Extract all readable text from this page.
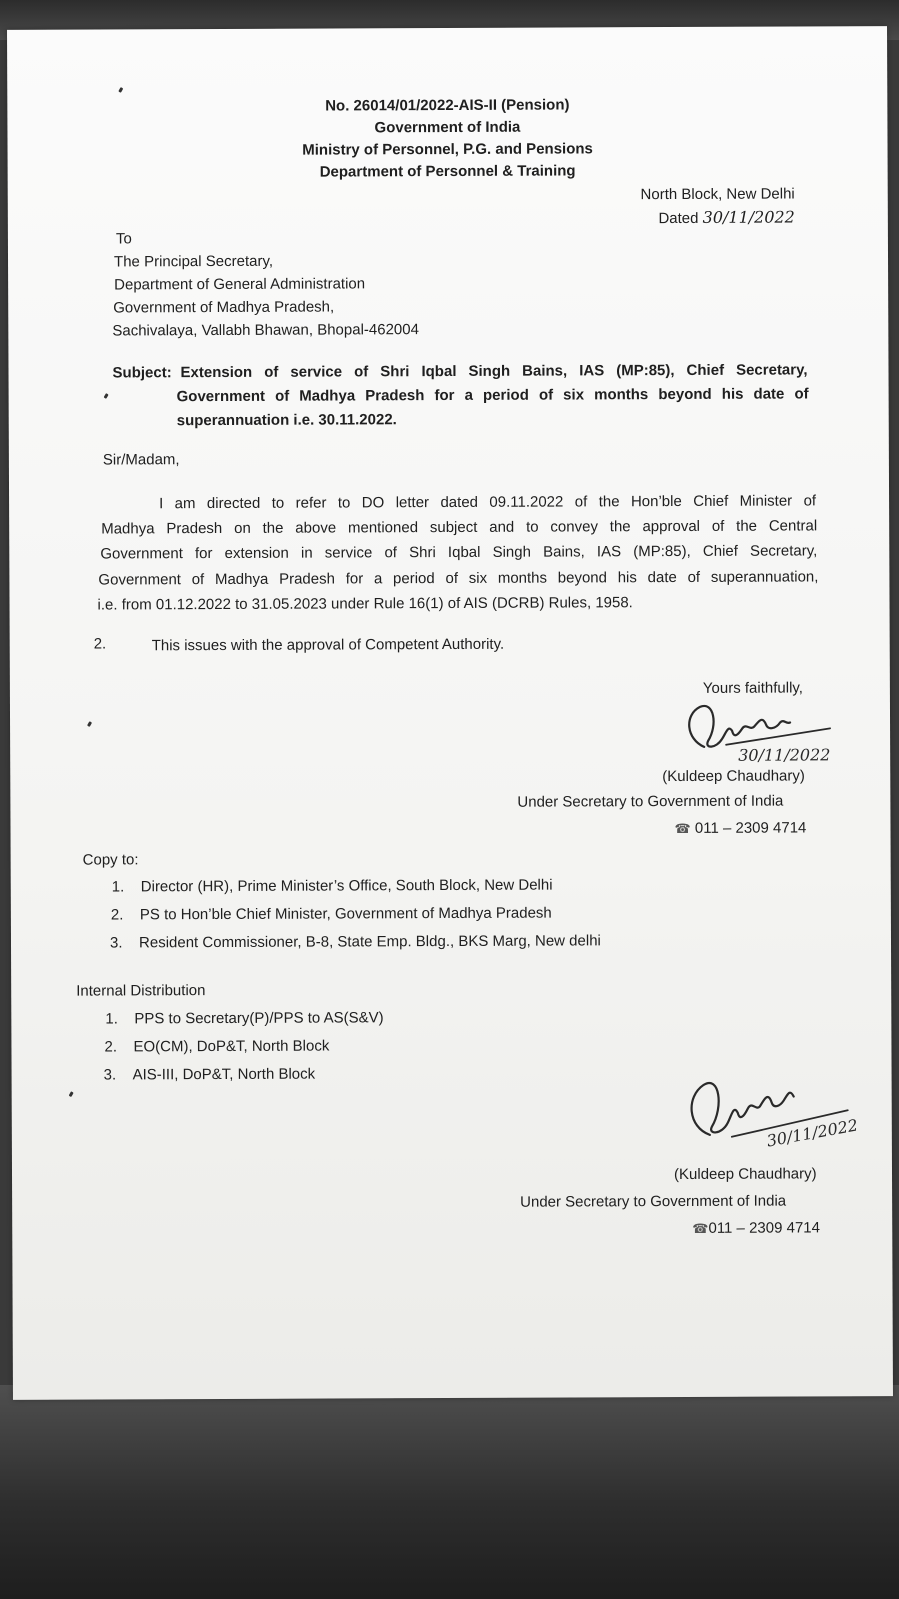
No. 26014/01/2022-AIS-II (Pension)
Government of India
Ministry of Personnel, P.G. and Pensions
Department of Personnel & Training
North Block, New Delhi
Dated 30/11/2022
To
The Principal Secretary,
Department of General Administration
Government of Madhya Pradesh,
Sachivalaya, Vallabh Bhawan, Bhopal-462004
Subject: Extension of service of Shri Iqbal Singh Bains, IAS (MP:85), Chief Secretary,
Government of Madhya Pradesh for a period of six months beyond his date of
superannuation i.e. 30.11.2022.
Sir/Madam,
I am directed to refer to DO letter dated 09.11.2022 of the Hon’ble Chief Minister of
Madhya Pradesh on the above mentioned subject and to convey the approval of the Central
Government for extension in service of Shri Iqbal Singh Bains, IAS (MP:85), Chief Secretary,
Government of Madhya Pradesh for a period of six months beyond his date of superannuation,
i.e. from 01.12.2022 to 31.05.2023 under Rule 16(1) of AIS (DCRB) Rules, 1958.
2.	This issues with the approval of Competent Authority.
Yours faithfully,
30/11/2022
(Kuldeep Chaudhary)
Under Secretary to Government of India
☎ 011 – 2309 4714
Copy to:
1. Director (HR), Prime Minister’s Office, South Block, New Delhi
2. PS to Hon’ble Chief Minister, Government of Madhya Pradesh
3. Resident Commissioner, B-8, State Emp. Bldg., BKS Marg, New delhi
Internal Distribution
1. PPS to Secretary(P)/PPS to AS(S&V)
2. EO(CM), DoP&T, North Block
3. AIS-III, DoP&T, North Block
30/11/2022
(Kuldeep Chaudhary)
Under Secretary to Government of India
☎011 – 2309 4714
